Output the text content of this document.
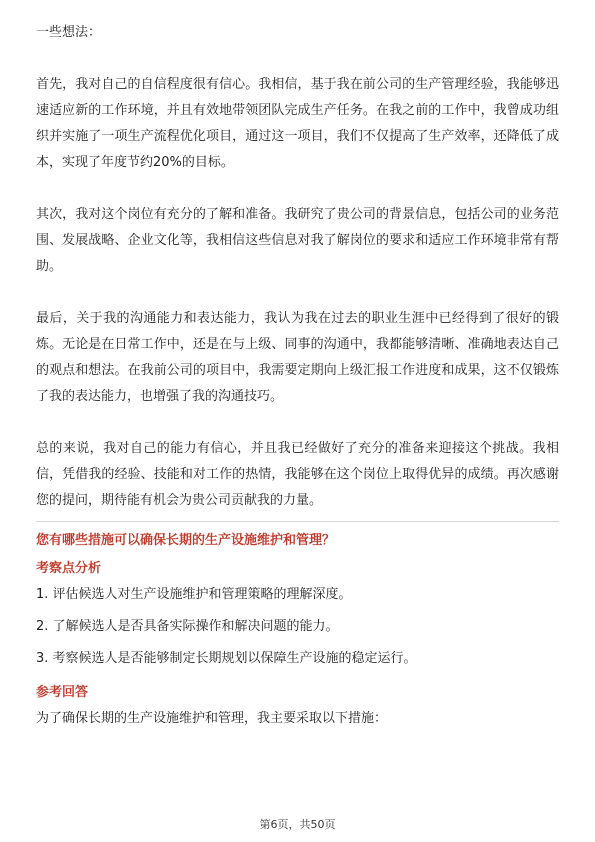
一些想法：

首先，我对自己的自信程度很有信心。我相信，基于我在前公司的生产管理经验，我能够迅速适应新的工作环境，并且有效地带领团队完成生产任务。在我之前的工作中，我曾成功组织并实施了一项生产流程优化项目，通过这一项目，我们不仅提高了生产效率，还降低了成本，实现了年度节约20%的目标。

其次，我对这个岗位有充分的了解和准备。我研究了贵公司的背景信息，包括公司的业务范围、发展战略、企业文化等，我相信这些信息对我了解岗位的要求和适应工作环境非常有帮助。

最后，关于我的沟通能力和表达能力，我认为我在过去的职业生涯中已经得到了很好的锻炼。无论是在日常工作中，还是在与上级、同事的沟通中，我都能够清晰、准确地表达自己的观点和想法。在我前公司的项目中，我需要定期向上级汇报工作进度和成果，这不仅锻炼了我的表达能力，也增强了我的沟通技巧。

总的来说，我对自己的能力有信心，并且我已经做好了充分的准备来迎接这个挑战。我相信，凭借我的经验、技能和对工作的热情，我能够在这个岗位上取得优异的成绩。再次感谢您的提问，期待能有机会为贵公司贡献我的力量。

您有哪些措施可以确保长期的生产设施维护和管理？

考察点分析

1. 评估候选人对生产设施维护和管理策略的理解深度。

2. 了解候选人是否具备实际操作和解决问题的能力。

3. 考察候选人是否能够制定长期规划以保障生产设施的稳定运行。

参考回答

为了确保长期的生产设施维护和管理，我主要采取以下措施：

第6页，共50页
